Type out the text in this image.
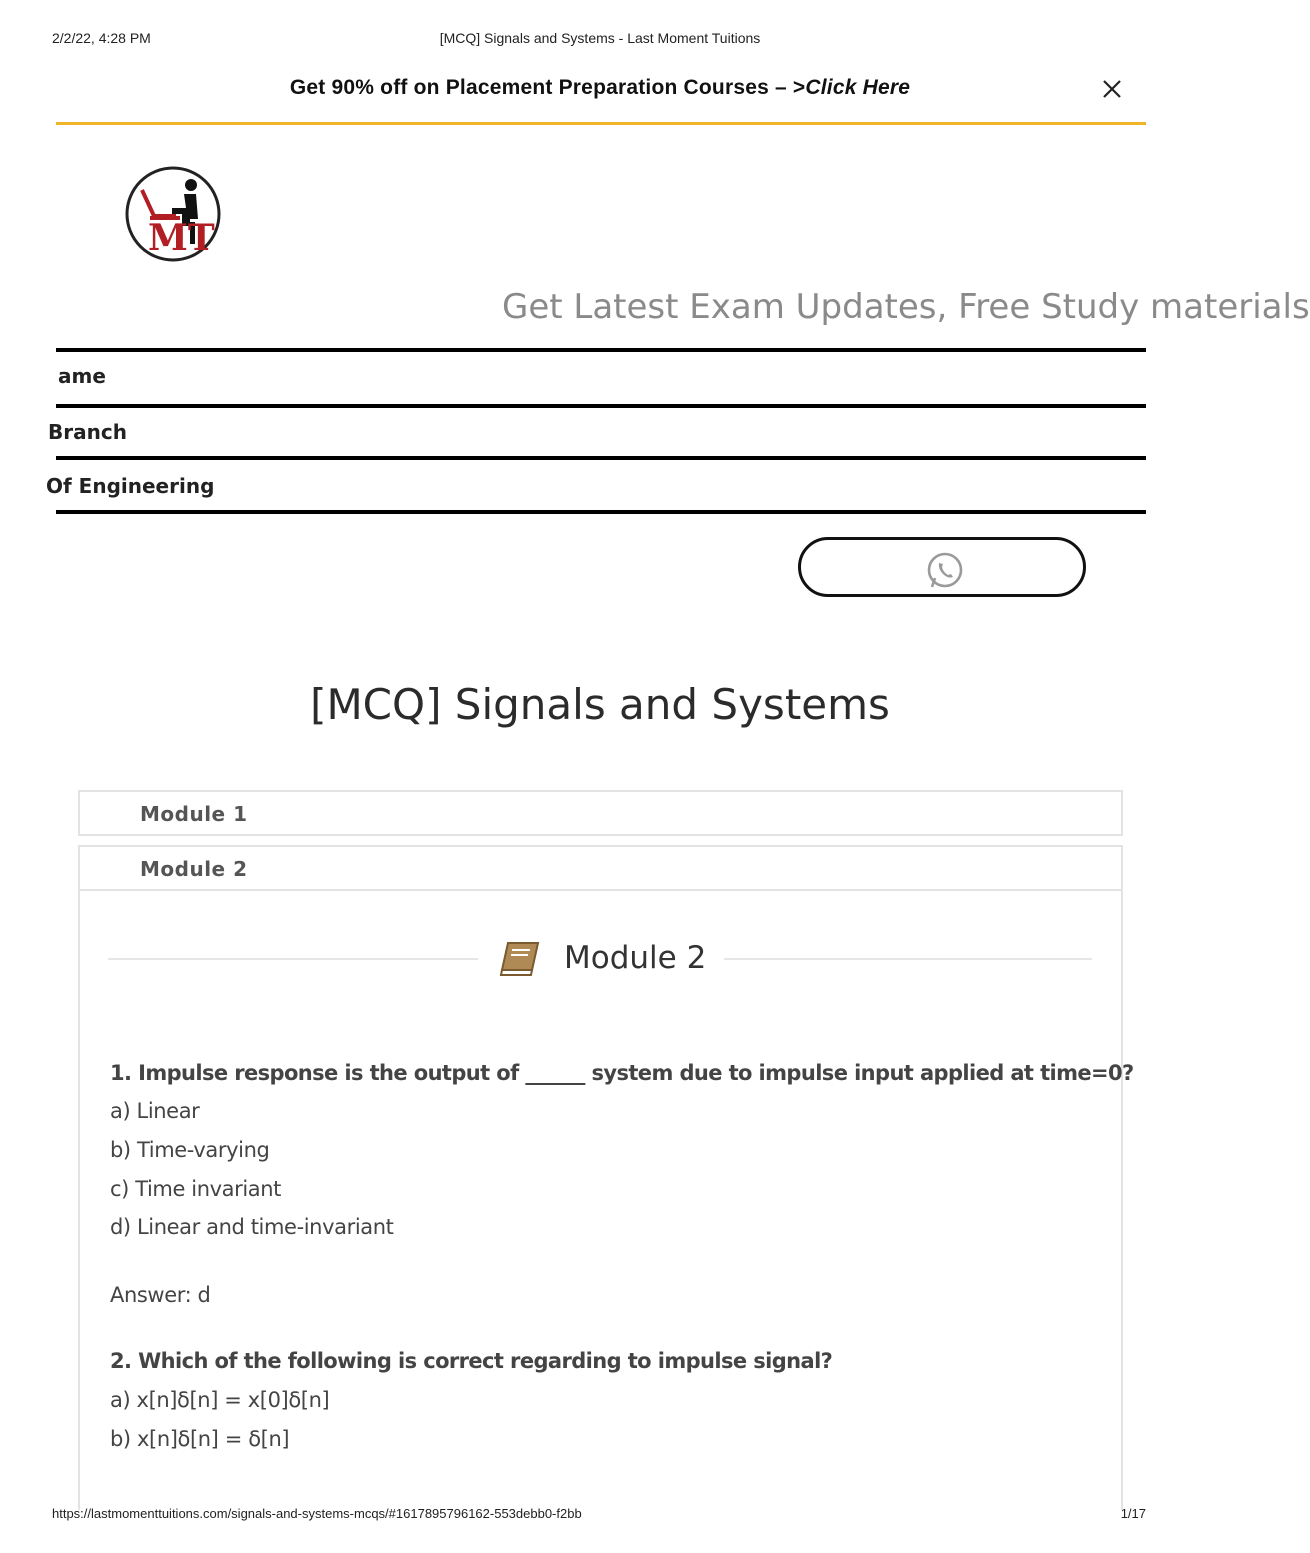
2/2/22, 4:28 PM	[MCQ] Signals and Systems - Last Moment Tuitions
Get 90% off on Placement Preparation Courses – >Click Here
MT
Get Latest Exam Updates, Free Study materials
ame
Branch
Of Engineering
[MCQ] Signals and Systems
Module 1
Module 2
Module 2
1. Impulse response is the output of ______ system due to impulse input applied at time=0?
a) Linear
b) Time-varying
c) Time invariant
d) Linear and time-invariant
Answer: d
2. Which of the following is correct regarding to impulse signal?
a) x[n]δ[n] = x[0]δ[n]
b) x[n]δ[n] = δ[n]
https://lastmomenttuitions.com/signals-and-systems-mcqs/#1617895796162-553debb0-f2bb	1/17
